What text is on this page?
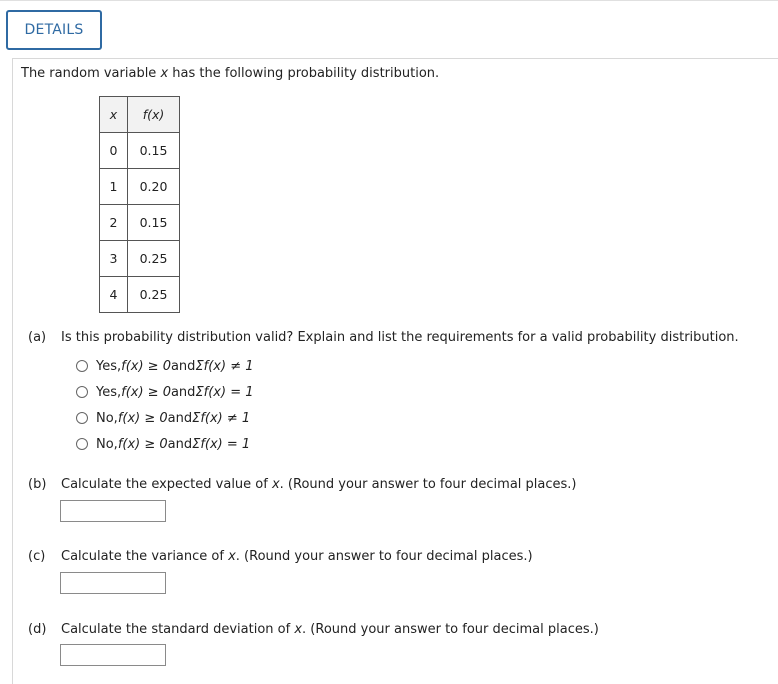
DETAILS
The random variable x has the following probability distribution.
x	f(x)
0	0.15
1	0.20
2	0.15
3	0.25
4	0.25
(a) Is this probability distribution valid? Explain and list the requirements for a valid probability distribution.
Yes, f(x) ≥ 0 and Σf(x) ≠ 1
Yes, f(x) ≥ 0 and Σf(x) = 1
No, f(x) ≥ 0 and Σf(x) ≠ 1
No, f(x) ≥ 0 and Σf(x) = 1
(b) Calculate the expected value of x. (Round your answer to four decimal places.)
(c) Calculate the variance of x. (Round your answer to four decimal places.)
(d) Calculate the standard deviation of x. (Round your answer to four decimal places.)
